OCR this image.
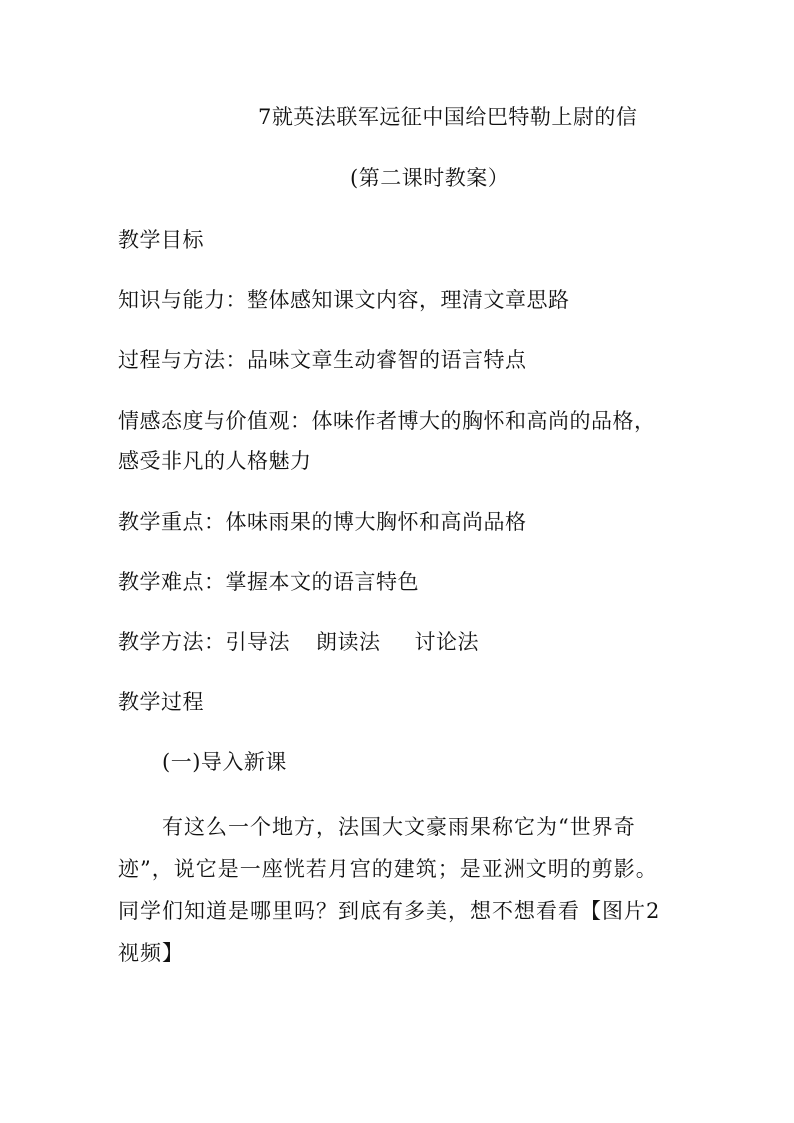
7就英法联军远征中国给巴特勒上尉的信
(第二课时教案）
教学目标
知识与能力：整体感知课文内容，理清文章思路
过程与方法：品味文章生动睿智的语言特点
情感态度与价值观：体味作者博大的胸怀和高尚的品格，
感受非凡的人格魅力
教学重点：体味雨果的博大胸怀和高尚品格
教学难点：掌握本文的语言特色
教学方法：引导法 朗读法 讨论法
教学过程
(一)导入新课

有这么一个地方，法国大文豪雨果称它为“世界奇

迹”，说它是一座恍若月宫的建筑；是亚洲文明的剪影。

同学们知道是哪里吗？到底有多美，想不想看看【图片2

视频】
